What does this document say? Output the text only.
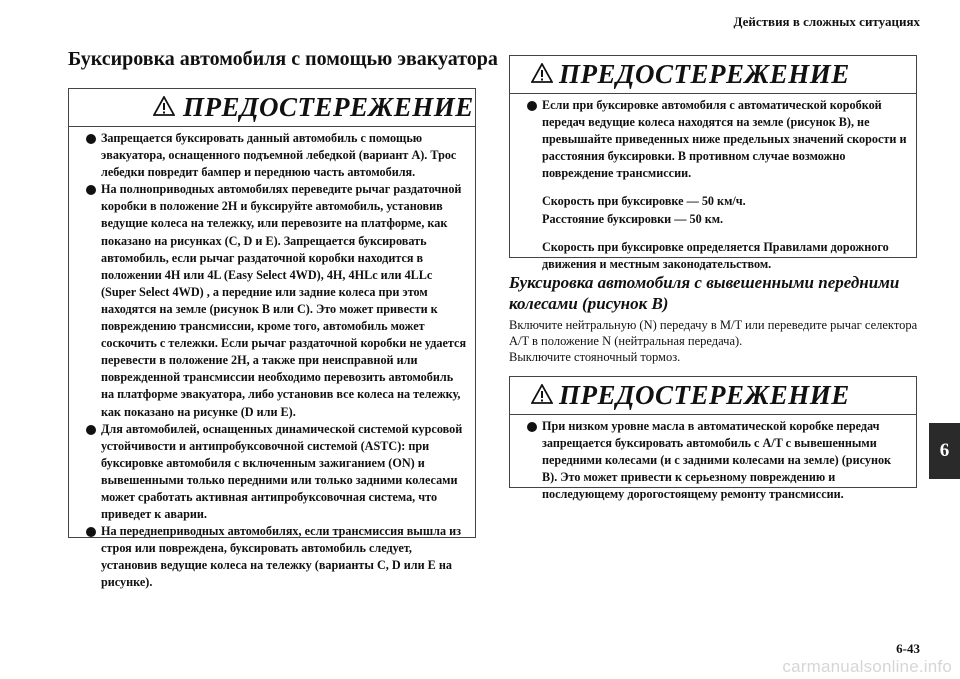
Действия в сложных ситуациях
Буксировка автомобиля с помощью эвакуатора
ПРЕДОСТЕРЕЖЕНИЕ
Запрещается буксировать данный автомобиль с помощью эвакуатора, оснащенного подъемной лебедкой (вариант A). Трос лебедки повредит бампер и переднюю часть автомобиля.
На полноприводных автомобилях переведите рычаг раздаточной коробки в положение 2H и буксируйте автомобиль, установив ведущие колеса на тележку, или перевозите на платформе, как показано на рисунках (C, D и E). Запрещается буксировать автомобиль, если рычаг раздаточной коробки находится в положении 4H или 4L (Easy Select 4WD), 4H, 4HLc или 4LLc (Super Select 4WD) , а передние или задние колеса при этом находятся на земле (рисунок B или C). Это может привести к повреждению трансмиссии, кроме того, автомобиль может соскочить с тележки. Если рычаг раздаточной коробки не удается перевести в положение 2H, а также при неисправной или поврежденной трансмиссии необходимо перевозить автомобиль на платформе эвакуатора, либо установив все колеса на тележку, как показано на рисунке (D или E).
Для автомобилей, оснащенных динамической системой курсовой устойчивости и антипробуксовочной системой (ASTC): при буксировке автомобиля с включенным зажиганием (ON) и вывешенными только передними или только задними колесами может сработать активная антипробуксовочная система, что приведет к аварии.
На переднеприводных автомобилях, если трансмиссия вышла из строя или повреждена, буксировать автомобиль следует, установив ведущие колеса на тележку (варианты C, D или E на рисунке).
ПРЕДОСТЕРЕЖЕНИЕ
Если при буксировке автомобиля с автоматической коробкой передач ведущие колеса находятся на земле (рисунок B), не превышайте приведенных ниже предельных значений скорости и расстояния буксировки. В противном случае возможно повреждение трансмиссии.
Скорость при буксировке — 50 км/ч.
Расстояние буксировки — 50 км.
Скорость при буксировке определяется Правилами дорожного движения и местным законодательством.
Буксировка автомобиля с вывешенными передними колесами (рисунок B)
Включите нейтральную (N) передачу в M/T или переведите рычаг селектора A/T в положение N (нейтральная передача).
Выключите стояночный тормоз.
ПРЕДОСТЕРЕЖЕНИЕ
При низком уровне масла в автоматической коробке передач запрещается буксировать автомобиль с A/T с вывешенными передними колесами (и с задними колесами на земле) (рисунок B). Это может привести к серьезному повреждению и последующему дорогостоящему ремонту трансмиссии.
6
6-43
carmanualsonline.info
